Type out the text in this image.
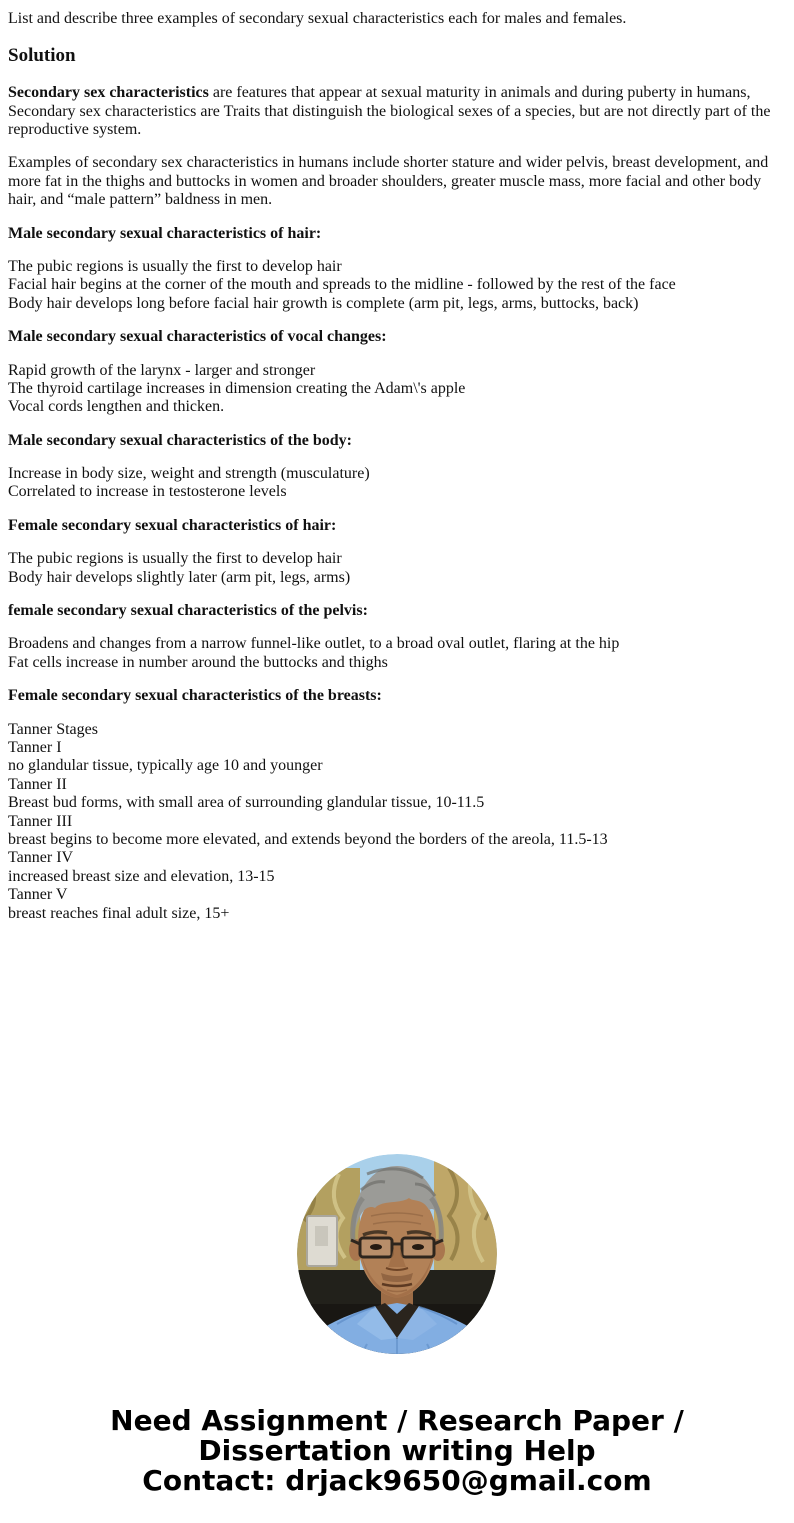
List and describe three examples of secondary sexual characteristics each for males and females.

Solution

Secondary sex characteristics are features that appear at sexual maturity in animals and during puberty in humans, Secondary sex characteristics are Traits that distinguish the biological sexes of a species, but are not directly part of the reproductive system.

Examples of secondary sex characteristics in humans include shorter stature and wider pelvis, breast development, and more fat in the thighs and buttocks in women and broader shoulders, greater muscle mass, more facial and other body hair, and “male pattern” baldness in men.

Male secondary sexual characteristics of hair:

The pubic regions is usually the first to develop hair
Facial hair begins at the corner of the mouth and spreads to the midline - followed by the rest of the face
Body hair develops long before facial hair growth is complete (arm pit, legs, arms, buttocks, back)

Male secondary sexual characteristics of vocal changes:

Rapid growth of the larynx - larger and stronger
The thyroid cartilage increases in dimension creating the Adam\'s apple
Vocal cords lengthen and thicken.

Male secondary sexual characteristics of the body:

Increase in body size, weight and strength (musculature)
Correlated to increase in testosterone levels

Female secondary sexual characteristics of hair:

The pubic regions is usually the first to develop hair
Body hair develops slightly later (arm pit, legs, arms)

female secondary sexual characteristics of the pelvis:

Broadens and changes from a narrow funnel-like outlet, to a broad oval outlet, flaring at the hip
Fat cells increase in number around the buttocks and thighs

Female secondary sexual characteristics of the breasts:

Tanner Stages
Tanner I
no glandular tissue, typically age 10 and younger
Tanner II
Breast bud forms, with small area of surrounding glandular tissue, 10-11.5
Tanner III
breast begins to become more elevated, and extends beyond the borders of the areola, 11.5-13
Tanner IV
increased breast size and elevation, 13-15
Tanner V
breast reaches final adult size, 15+

Need Assignment / Research Paper / Dissertation writing Help
Contact: drjack9650@gmail.com
